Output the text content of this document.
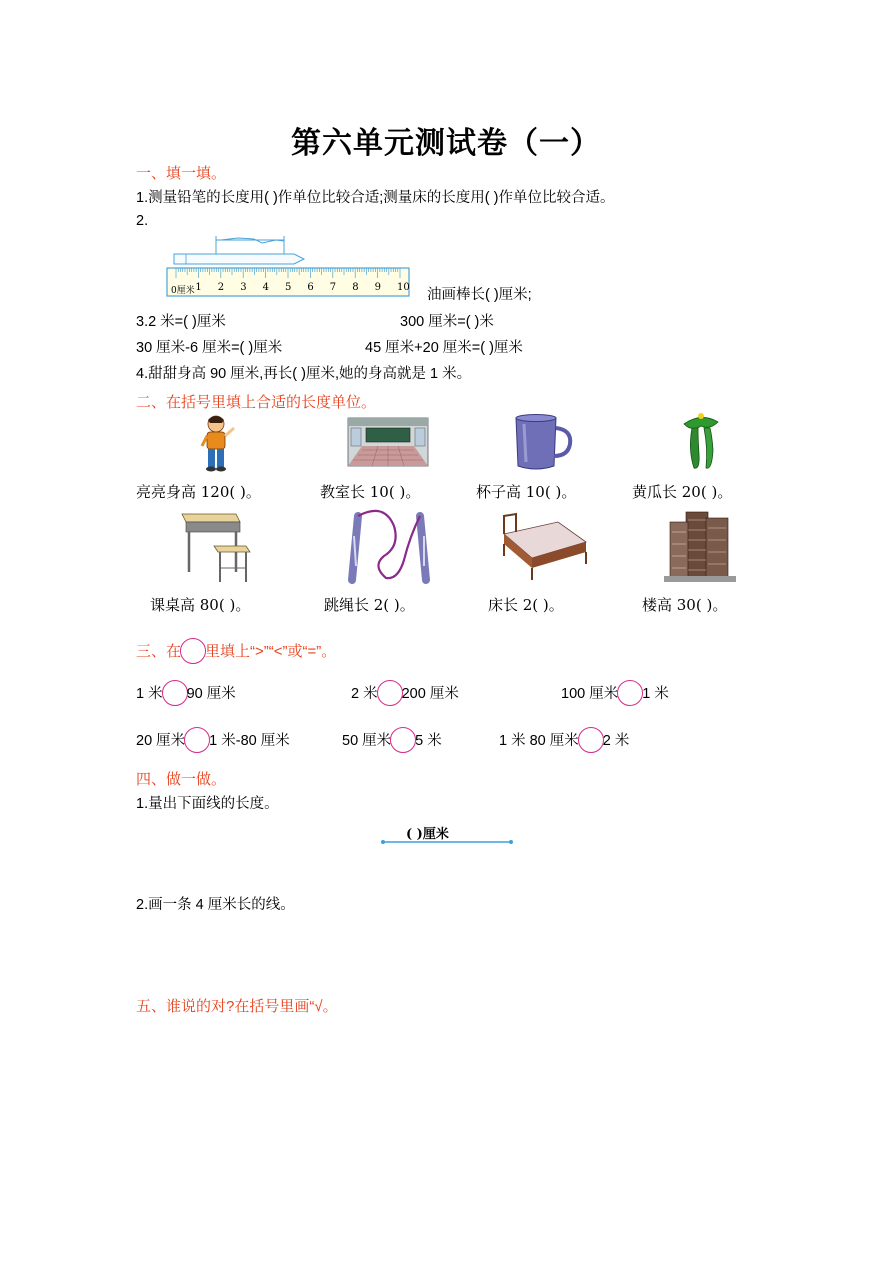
第六单元测试卷（一）
一、填一填。
1.测量铅笔的长度用( )作单位比较合适;测量床的长度用( )作单位比较合适。
2.
0厘米 1 2 3 4 5 6 7 8 9 10 油画棒长( )厘米;
3.2 米=( )厘米	300 厘米=( )米
30 厘米-6 厘米=( )厘米	45 厘米+20 厘米=( )厘米
4.甜甜身高 90 厘米,再长( )厘米,她的身高就是 1 米。
二、在括号里填上合适的长度单位。
亮亮身高 120( )。	教室长 10( )。	杯子高 10( )。	黄瓜长 20( )。
课桌高 80( )。	跳绳长 2( )。	床长 2( )。	楼高 30( )。
三、在 里填上“>”“<”或“=”。
1 米 90 厘米	2 米 200 厘米	100 厘米 1 米
20 厘米 1 米-80 厘米	50 厘米 5 米	1 米 80 厘米 2 米
四、做一做。
1.量出下面线的长度。
( )厘米
2.画一条 4 厘米长的线。
五、谁说的对?在括号里画“√。
